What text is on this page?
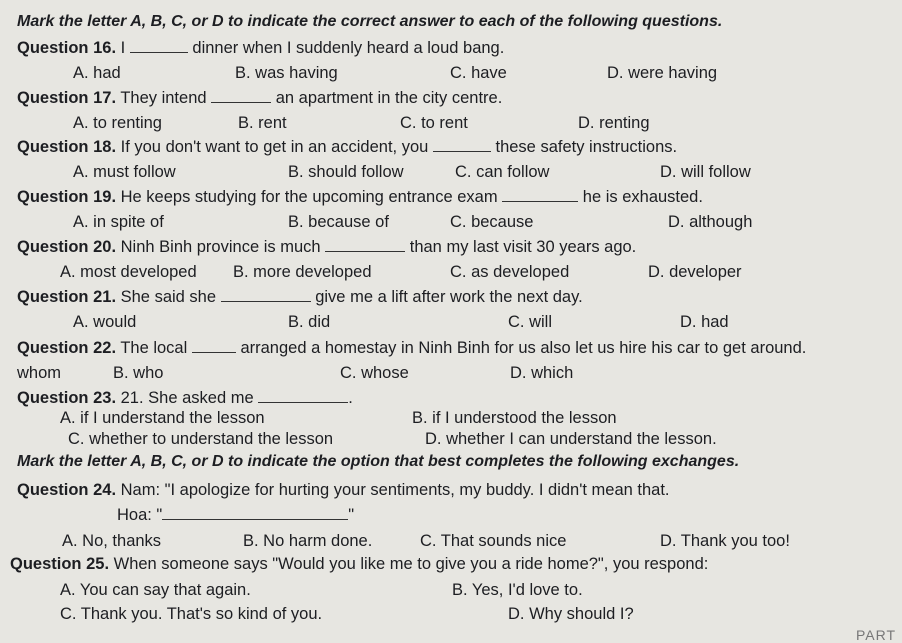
Mark the letter A, B, C, or D to indicate the correct answer to each of the following questions.
Question 16. I	dinner when I suddenly heard a loud bang.
A. had	B. was having	C. have	D. were having
Question 17. They intend	an apartment in the city centre.
A. to renting	B. rent	C. to rent	D. renting
Question 18. If you don't want to get in an accident, you	these safety instructions.
A. must follow	B. should follow	C. can follow	D. will follow
Question 19. He keeps studying for the upcoming entrance exam	he is exhausted.
A. in spite of	B. because of	C. because	D. although
Question 20. Ninh Binh province is much	than my last visit 30 years ago.
A. most developed B. more developed	C. as developed	D. developer
Question 21. She said she	give me a lift after work the next day.
A. would	B. did	C. will	D. had
Question 22. The local	arranged a homestay in Ninh Binh for us also let us hire his car to get around.
whom	B. who	C. whose	D. which
Question 23. 21. She asked me	.
A. if I understand the lesson	B. if I understood the lesson
C. whether to understand the lesson	D. whether I can understand the lesson.
Mark the letter A, B, C, or D to indicate the option that best completes the following exchanges.
Question 24. Nam: "I apologize for hurting your sentiments, my buddy. I didn't mean that.
Hoa: "	"
A. No, thanks	B. No harm done.	C. That sounds nice	D. Thank you too!
Question 25. When someone says "Would you like me to give you a ride home?", you respond:
A. You can say that again.	B. Yes, I'd love to.
C. Thank you. That's so kind of you.	D. Why should I?
PART
